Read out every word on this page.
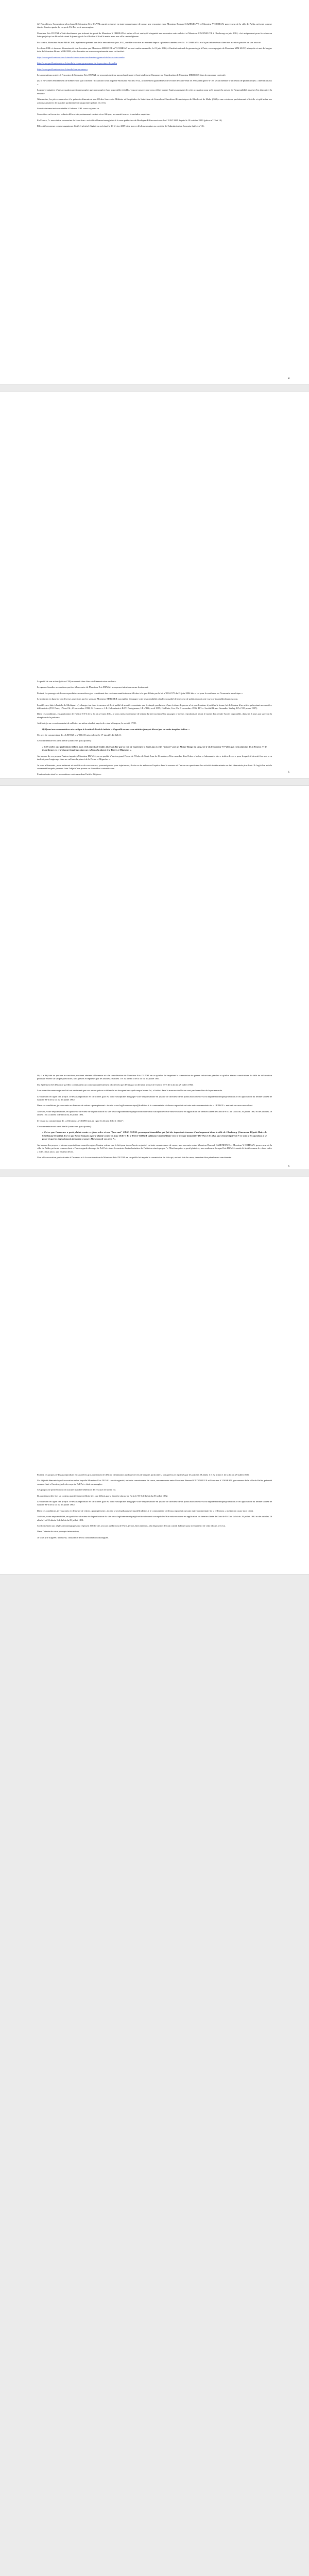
(ii) Par ailleurs, l'accusation selon laquelle Monsieur Eric DUVAL aurait organisé, en toute connaissance de cause, une rencontre entre Monsieur Bernard CAZENEUVE et Monsieur Y CHIHAN, gouverneur de la ville de Pallin, présenté comme étant « l'ancien garde du corps de Pol Pot » est mensongère.

Monsieur Eric DUVAL n'était absolument pas informé du passé de Monsieur Y CHHEAN et même s'il est vrai qu'il s'organisé une rencontre entre celui-ci et Monsieur CAZENEUVE à Cherbourg en juin 2012, c'est uniquement pour favoriser un futur projet qui se déroulait visant le jumelage de la ville dont il était le maire avec une ville cambodgienne.

Par contre, Monsieur Bruno MERCIER, également présent lors de la rencontre de juin 2012, semble souscrire activement depuis « plusieurs années avec M. Y CHHEAN » et n'a pas informé son client des activités passées de son associé.

Les liens URL ci-dessous démontrent à tout le moins que Messieurs MERCIER et Y CHHEAN se sont rendus ensemble, le 21 juin 2012, à l'institut national de gemmologie à Paris, en compagnie de Monsieur YIM SEAP, interprète et ami de longue date de Monsieur Bruno MERCIER, afin de mettre en œuvre un partenariat avec cet institut :

http://www.prefloraisonslave.fr/media/brmes-mercier-directeur-general-de-la-societe-cambo

http://www.prefloraisonslave.fr/media/y-chuon-gouverneur-de-la-province-de-pailin

http://www.prefloraisonslave.fr/media/ban-erranom-s

Les accusations portées à l'encontre de Monsieur Eric DUVAL ne reposent ainsi sur aucun fondement et font totalement l'impasse sur l'implication de Monsieur MERCIER dans la rencontre contestée.

(ii) Il en va bien évidemment de même en ce qui concerne l'accusation selon laquelle Monsieur Eric DUVAL, actuellement grand Prieur de l'Ordre de Saint-Jean de Jérusalem (pièce n°10) serait membre d'un réseau de philanthropes « internationaux ».

La preuve négative d'une accusation aussi mensongère que mensongère étant impossible à établir, vous ne pourrez que vous référer contre l'auteur anonyme de cette accusation pour qu'il apporte la preuve de l'impossibilité absolue d'en démontrer la véracité.

Néanmoins, les pièces annexées à la présente démontrent que l'Ordre Souverain Militaire et Hospitalier de Saint Jean de Jérusalem Chevaliers Œcuméniques de Rhodes et de Malte (OSJ) a une existence parfaitement officielle et qu'il mène ses actions caritatives de manière parfaitement transparente (pièces 11 à 16).

Son site internet est consultable à l'adresse URL www.osj.com.sn.

Son action en faveur des enfants défavorisés, notamment en Asie et en Afrique, ne saurait trouver la moindre suspicion.

En France, l'« association souveraine de Jean-Jean » est officiellement enregistrée à la sous-préfecture de Boulogne-Billancourt sous le n° 120/13269 depuis le 18 octobre 2003 (pièces n°13 et 14).

Elle a été reconnue comme organisme d'intérêt général éligible au mécénat le 10 février 2009 et se trouve dès lors soumise au contrôle de l'administration française (pièce n°15).

4

Le profil de son action (pièce n°18) ne saurait donc être valablement mise en doute.

Les graves/insultes accusations portées à l'encontre de Monsieur Eric DUVAL ne reposent ainsi sur aucun fondement.

Partant, les passages ci-dessus reproduits en caractères gras constituent des contenus manifestement illicites tels que définis par la loi n°2004-575 du 21 juin 2004 dite « loi pour la confiance en l'économie numérique ».

Le maintien en ligne de ces diverses assertions par les soins de Monsieur MERCIER susceptible d'engager votre responsabilité pénale en qualité de directeur de publication du site www.le-journaldesfinances.com.

La référence faite à l'article de Mediapart n'y change rien dans la mesure où il est publié de manière constante que le simple producteur d'une écriture de presse n'est pas de nature à justifier le bonne foi de l'auteur d'un article présentant un caractère diffamatoire (TGI Paris, 17ème Ch., 23 novembre 1998, G. Gouzon c. J-E. Colombani et B-PC Partagneaux, LP n°166, avril 1999, CA Paris, 1ère Ch. B novembre 1996, TF1 c. Société Bruno Grenadier Verlag, LP n°139, mars 1997).

Dans ces conditions, en application de l'article 6-I-6 de la loi du 21 juin 2004, je vous mets en demeure de retirer du site incriminé les passages ci-dessus reproduits et à tout le moins d'en rendre l'accès impossible, dans les 5 jours qui suivront la réception de la présente.

A défaut, je me verrai contraint de solliciter au même résultat auprès de votre hébergeur, la société OVH.

B) Quant aux commentaires mis en ligne à la suite de l'article intitulé « Magouille en vue : un ministre français discret par un ordre templier Indien » :

Un avis de commentaire de « LEPAGE » n°001415 mis en ligne le 17 juin 2014 à 12h11 :

Ce commentaire est ainsi libellé (caractères gras ajoutés) :

« CES ordres aux prétentions bidons mais réels réussis de trafics divers et dire que ce con de Cazeneuve a faicte pas à cette "honoré" par un Khmer Rouge de sang, vis-à-vis l'Honneur ??? dire que c'est amicales de la France !!! je te pardonne est vrai et pour longtemps dans un cul-bas-du-plancé à la Pierre et Mignolus ».

Au travers de ces propos l'auteur impute à Monsieur DUVAL, en sa qualité d'ancien grand Prieur de l'Ordre de Saint-Jean de Jérusalem, d'être membre d'un Ordre « bidon » s'adonnant « des « trafics divers » pour lesquels il devrait être mis « en taule et pour longtemps dans un cul-bas-du-plancé de la Pierre et Mignolus ».

Je vous affirmerais, pour traiteront et au délires de son concurs, pouvant passer pour injurieuses, il n'en va de même en l'espèce dans la mesure où l'auteur en questionne les activités indéterminées au fait démontrés plus haut. Il s'agit d'un article commenté lesquels peuvent faire l'objet d'une preuve ou d'un débat contradictoire.

L'auteur tente ainsi les accusations contenues dans l'article litigieux.

5

Or, il a déjà été vu que ces accusations portaient atteinte à l'honneur et à la considération de Monsieur Eric DUVAL en ce qu'elles lui imputent la commission de graves infractions pénales et qu'elles étaient constitutives du délit de diffamation publique envers un simple particulier, faits prévus et réprimés par les articles 29 alinéa 1 et 32 alinéa 1 de la loi du 29 juillet 1881.

Il a également été démontré qu'elles constituaient un contenu manifestement illicite tels que définis par la dernière phrase de l'article 93-3 de la loi du 29 juillet 1982.

Leur caractère mensonger exclut tout sentiment que son auteur puisse se défendre en évoquant une quelconque bonne foi, a fortiori dans la mesure où elles ne sont pas formulées de façon mesurée.

Le maintien en ligne des propos ci-dessus reproduits en caractères gras est donc susceptible d'engager votre responsabilité en qualité de directeur de la publication du site www.legiltannumerique@fradition.fr en application du dernier alinéa de l'article 93-3 de la loi du 29 juillet 1982.

Dans ces conditions, je vous mets en demeure de retirer « promptement » du site www.legiltannumerique@fradition.fr le commentaire ci-dessus reproduit ou toute autre commentaire de « LEPAGE » mettant en cause mon client.

A défaut, votre responsabilité, en qualité de directeur de la publication du site www.legiltannumerique@fradition.fr serait susceptible d'être mise en cause en application de dernier alinéa de l'article 93-3 de la loi du 29 juillet 1982 et des articles 29 alinéa 1 et 32 alinéa 1 de la loi du 29 juillet 1881.

b) Quant au commentaire de « réflexions » n°466935 mis en ligne le 22 juin 2014 à 13h47 :

Ce commentaire est ainsi libellé (caractères gras ajoutés) :

« Est-ce que Cazeneuve a porté plainte contre ce faux ordre et son "faux ami" ERIC DUVAL prononçant immobilier qui fait des importants travaux d'aménagement dans la ville de Cherbourg (Cazeneuve Député-Maire de Cherbourg-Octeville). Est-ce que l'Etat français a porté plainte contre ce faux Ordre ? Et le PAUL VIOLET suffisance intermédiaire vers le Groupe immobilier DUVAL et les élus, que viennent faire là ? Ce sont là les questions à se poser et que les juges français devraient se poser. Alors vous & vos pens ? »

Au travers des propos ci-dessus reproduits en caractères gras, l'auteur estime que le fait pour deux d'avoir organisé, en toute connaissance de cause, une rencontre entre Monsieur Bernard CAZENEUVE et Monsieur Y CHHEAN, gouverneur de la ville de Pailin, présenté comme étant « l'ancien garde du corps de Pol Pot » dans le contexte l'actuel ministre de l'intérieur ainsi que par "« l'Etat français » a porté plainte », non seulement lorsque Eric DUVAL aurait été traité comme le « faux ordre » et le « faux ami » que l'auteur décrit.

Une telle accusation porte atteinte à l'honneur et à la considération de Monsieur Eric DUVAL en ce qu'elle lui impute la commission de faits qui, en tout état de cause, devraient être pénalement sanctionnés.

6

Partant, les propos ci-dessus reproduits en caractères gras constituent le délit de diffamation publique envers de simples particuliers, faits prévus et réprimés par les articles 29 alinéa 1 et 32 alinéa 1 de la loi du 29 juillet 1881.

Il a déjà été démontré que l'accusation selon laquelle Monsieur Eric DUVAL aurait organisé, en toute connaissance de cause, une rencontre entre Monsieur Bernard CAZENEUVE et Monsieur Y CHHEAN, gouverneur de la ville de Pailin, présenté comme étant « l'ancien garde du corps de Pol Pot » était mensongère.

Ces propos ne peuvent donc en aucune manière bénéficier de l'excuse de bonne foi.

Ils constituent dès lors un contenu manifestement illicite tels que définis par la dernière phrase de l'article 93-3 de la loi du 29 juillet 1982.

Le maintien en ligne des propos ci-dessus reproduits en caractères gras est donc susceptible d'engager votre responsabilité en qualité de directeur de la publication du site www.legiltannumerique@fradition.fr en application du dernier alinéa de l'article 93-3 de la loi du 29 juillet 1982.

Dans ces conditions, je vous mets en demeure de retirer « promptement » du site www.legiltannumerique@fradition.fr le commentaire ci-dessus reproduit ou toute autre commentaire de « réflexions » mettant en cause mon client.

A défaut, votre responsabilité, en qualité de directeur de la publication du site www.legiltannumerique@fradition.fr serait susceptible d'être mise en cause en application du dernier alinéa de l'article 93-3 de la loi du 29 juillet 1982 et des articles 29 alinéa 1 et 32 alinéa 1 de la loi du 29 juillet 1881.

Conformément aux règles déontologiques qui régissent l'Ordre des avocats au Barreau de Paris, je suis, bien entendu, à la disposition de tout conseil habituel pour m'entretenir de cette affaire avec lui.

Dans l'attente de votre prompte intervention,

Je vous prie d'agréer, Monsieur, l'assurance de ma considération distinguée.
